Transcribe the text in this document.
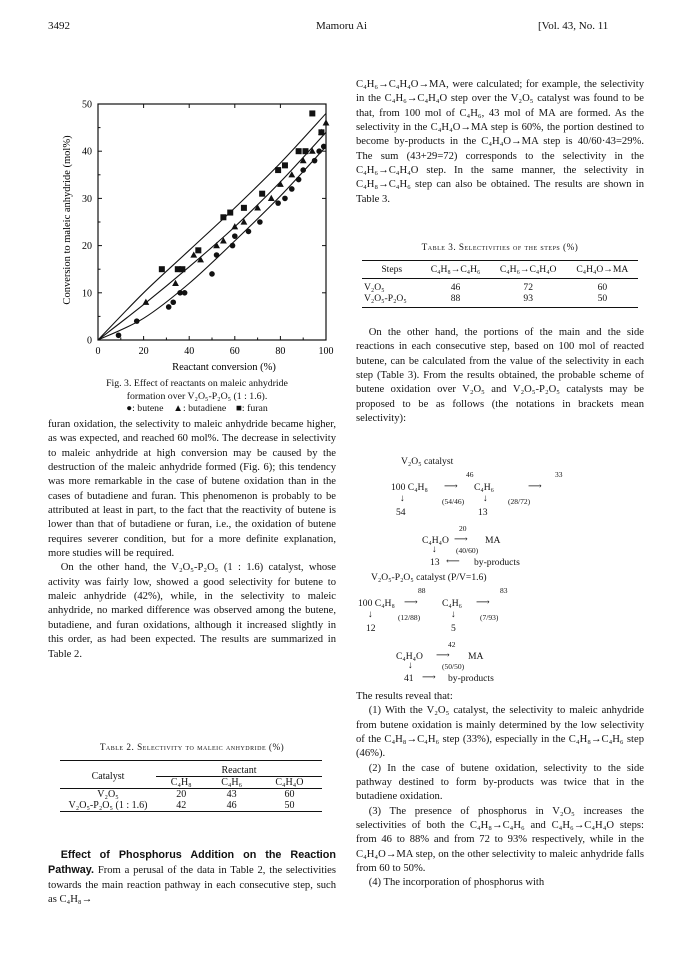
3492	Mamoru Ai	[Vol. 43, No. 11
0	20	40	60	80	100
0
10
20
30
40
50
Reactant conversion (%)
Conversion to maleic anhydride (mol%)
Fig. 3. Effect of reactants on maleic anhydride
formation over V₂O₅-P₂O₅ (1 : 1.6).
●: butene ▲: butadiene ■: furan

furan oxidation, the selectivity to maleic anhydride became higher, as was expected, and reached 60 mol%. The decrease in selectivity to maleic anhydride at high conversion may be caused by the destruction of the maleic anhydride formed (Fig. 6); this tendency was more remarkable in the case of butene oxidation than in the cases of butadiene and furan. This phenomenon is probably to be attributed at least in part, to the fact that the reactivity of butene is lower than that of butadiene or furan, i.e., the oxidation of butene requires severer condition, but for a more definite explanation, more studies will be required.

On the other hand, the V₂O₅-P₂O₅ (1 : 1.6) catalyst, whose activity was fairly low, showed a good selectivity for butene to maleic anhydride (42%), while, in the selectivity to maleic anhydride, no marked difference was observed among the butene, butadiene, and furan oxidations, although it increased slightly in this order, as had been expected. The results are summarized in Table 2.

Table 2. Selectivity to maleic anhydride (%)
Catalyst	Reactant		
	C₄H₈	C₄H₆	C₄H₄O
V₂O₅	20	43	60
V₂O₅-P₂O₅ (1 : 1.6)	42	46	50

Effect of Phosphorus Addition on the Reaction Pathway. From a perusal of the data in Table 2, the selectivities towards the main reaction pathway in each consecutive step, such as C₄H₈→

C₄H₆→C₄H₄O→MA, were calculated; for example, the selectivity in the C₄H₆→C₄H₄O step over the V₂O₅ catalyst was found to be that, from 100 mol of C₄H₆, 43 mol of MA are formed. As the selectivity in the C₄H₄O→MA step is 60%, the portion destined to become by-products in the C₄H₄O→MA step is 40/60·43=29%. The sum (43+29=72) corresponds to the selectivity in the C₄H₆→C₄H₄O step. In the same manner, the selectivity in C₄H₈→C₄H₆ step can also be obtained. The results are shown in Table 3.

Table 3. Selectivities of the steps (%)
Steps	C₄H₈→C₄H₆	C₄H₆→C₄H₄O	C₄H₄O→MA
V₂O₅	46	72	60
V₂O₅-P₂O₅	88	93	50

On the other hand, the portions of the main and the side reactions in each consecutive step, based on 100 mol of reacted butene, can be calculated from the value of the selectivity in each step (Table 3). From the results obtained, the probable scheme of butene oxidation over V₂O₅ and V₂O₅-P₂O₅ catalysts may be proposed to be as follows (the notations in brackets mean selectivity):

V₂O₅ catalyst
46	33
100 C₄H₈ ⟶ C₄H₆	⟶
↓	(54/46) ↓	(28/72)
54	13
20
C₄H₄O ⟶ MA
(40/60)
↓
13 ⟵ by-products
V₂O₅-P₂O₅ catalyst (P/V=1.6)
88	83
100 C₄H₈ ⟶	C₄H₆ ⟶
↓	(12/88)	↓	(7/93)
12	5
42
C₄H₄O ⟶ MA
(50/50)
↓
41 ⟶ by-products

The results reveal that:

(1) With the V₂O₅ catalyst, the selectivity to maleic anhydride from butene oxidation is mainly determined by the low selectivity of the C₄H₈→C₄H₆ step (33%), especially in the C₄H₈→C₄H₆ step (46%).

(2) In the case of butene oxidation, selectivity to the side pathway destined to form by-products was twice that in the butadiene oxidation.

(3) The presence of phosphorus in V₂O₅ increases the selectivities of both the C₄H₈→C₄H₆ and C₄H₆→C₄H₄O steps: from 46 to 88% and from 72 to 93% respectively, while in the C₄H₄O→MA step, on the other selectivity to maleic anhydride falls from 60 to 50%.

(4) The incorporation of phosphorus with
